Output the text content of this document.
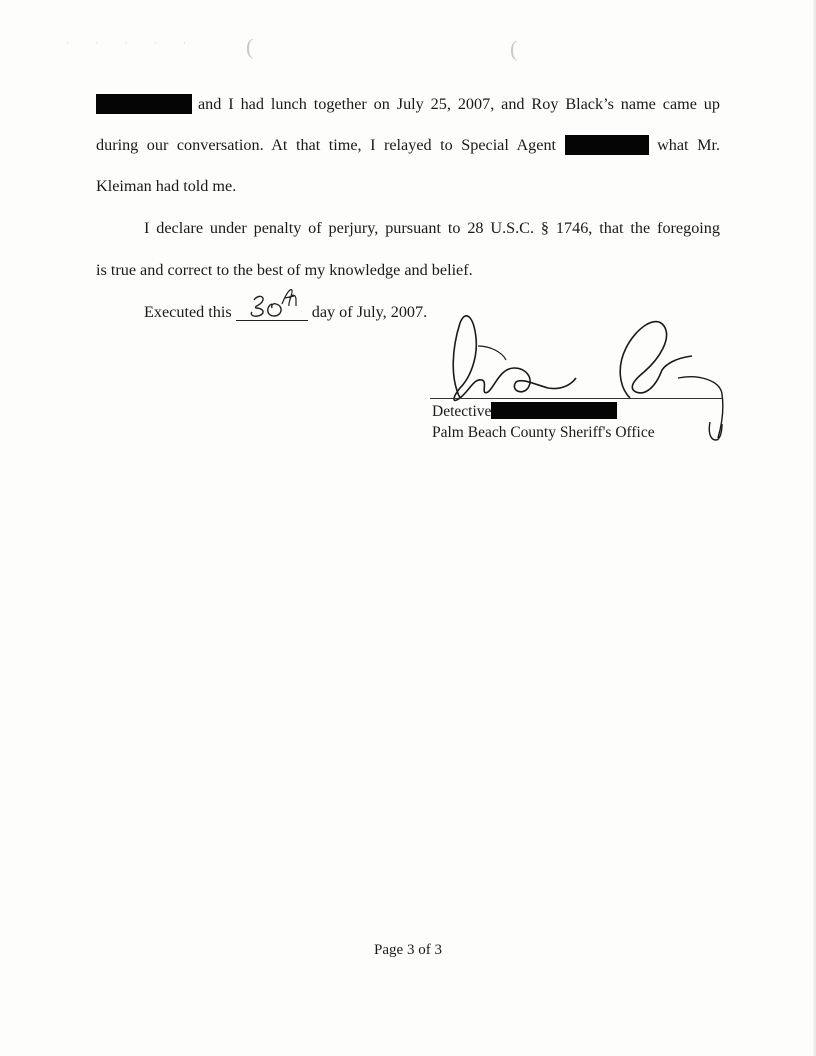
· · · · · (	(
and I had lunch together on July 25, 2007, and Roy Black’s name came up
during our conversation. At that time, I relayed to Special Agent	what Mr.
Kleiman had told me.
I declare under penalty of perjury, pursuant to 28 U.S.C. § 1746, that the foregoing
is true and correct to the best of my knowledge and belief.
Executed this	day of July, 2007.
Detective
Palm Beach County Sheriff's Office
Page 3 of 3
